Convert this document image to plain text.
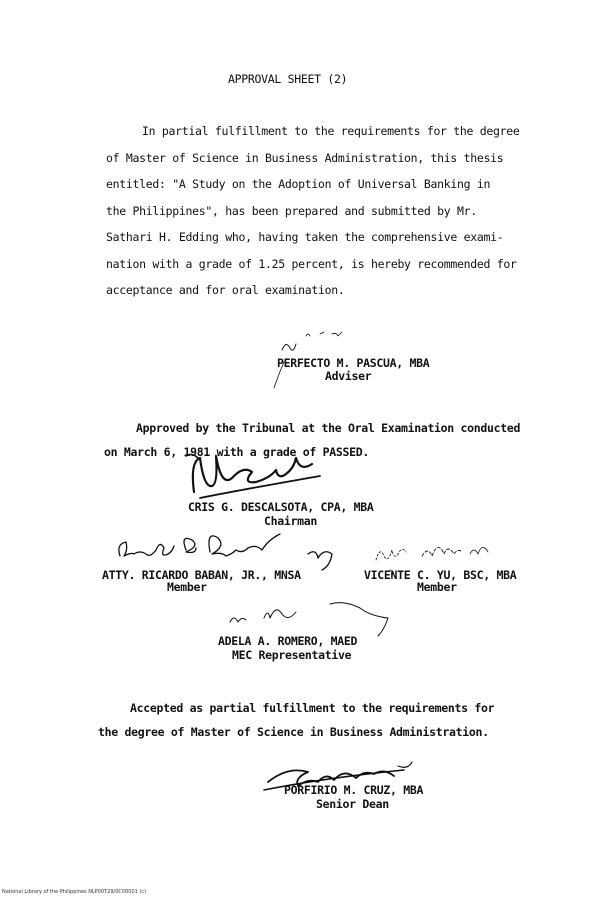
APPROVAL SHEET (2)
In partial fulfillment to the requirements for the degree
of Master of Science in Business Administration, this thesis
entitled: "A Study on the Adoption of Universal Banking in
the Philippines", has been prepared and submitted by Mr.
Sathari H. Edding who, having taken the comprehensive exami-
nation with a grade of 1.25 percent, is hereby recommended for
acceptance and for oral examination.
PERFECTO M. PASCUA, MBA
Adviser
Approved by the Tribunal at the Oral Examination conducted
on March 6, 1981 with a grade of PASSED.
CRIS G. DESCALSOTA, CPA, MBA
Chairman
ATTY. RICARDO BABAN, JR., MNSA
Member
VICENTE C. YU, BSC, MBA
Member
ADELA A. ROMERO, MAED
MEC Representative
Accepted as partial fulfillment to the requirements for
the degree of Master of Science in Business Administration.
PORFIRIO M. CRUZ, MBA
Senior Dean
National Library of the Philippines NLP00T29/0C00001 (c)
